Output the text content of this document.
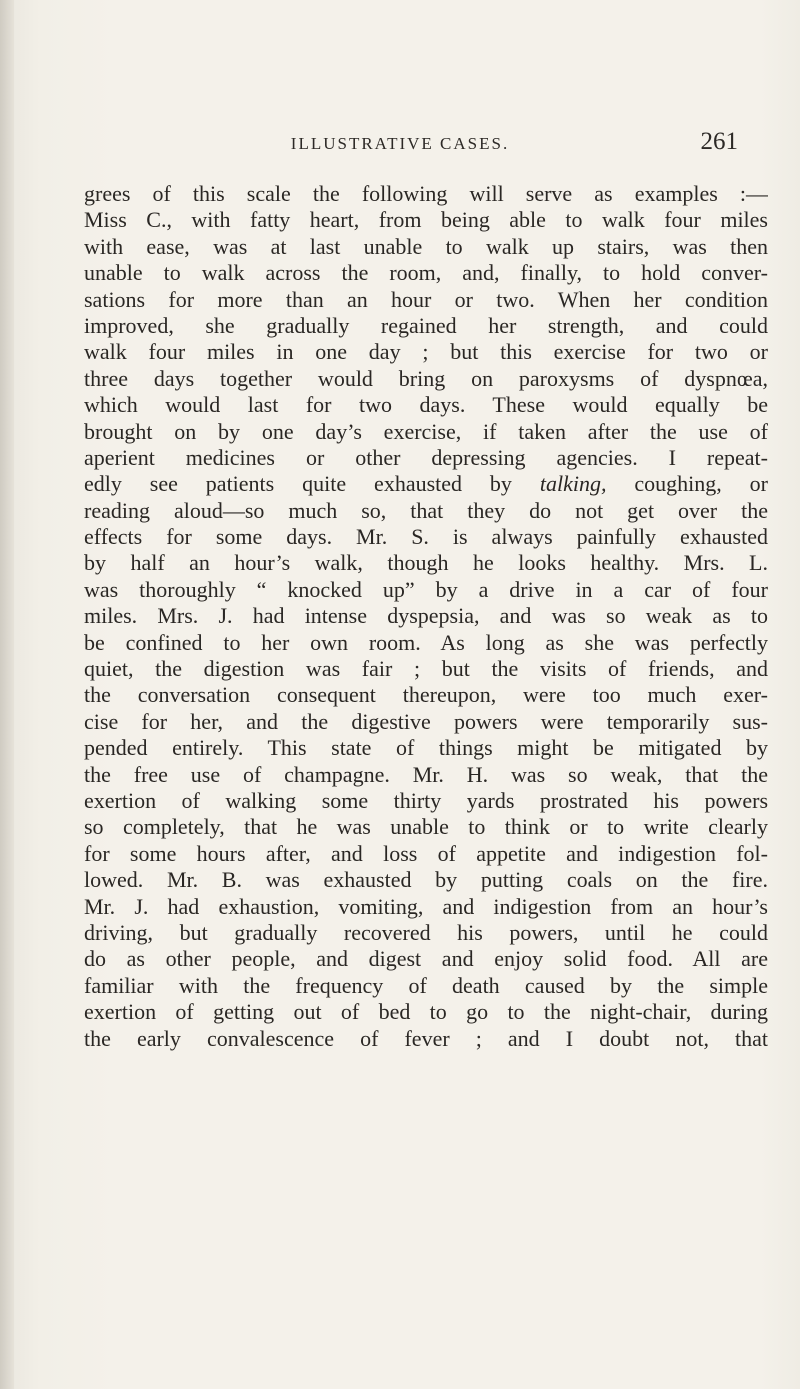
ILLUSTRATIVE CASES.	261
grees of this scale the following will serve as examples :—
Miss C., with fatty heart, from being able to walk four miles
with ease, was at last unable to walk up stairs, was then
unable to walk across the room, and, finally, to hold conver-
sations for more than an hour or two. When her condition
improved, she gradually regained her strength, and could
walk four miles in one day ; but this exercise for two or
three days together would bring on paroxysms of dyspnœa,
which would last for two days. These would equally be
brought on by one day’s exercise, if taken after the use of
aperient medicines or other depressing agencies. I repeat-
edly see patients quite exhausted by talking, coughing, or
reading aloud—so much so, that they do not get over the
effects for some days. Mr. S. is always painfully exhausted
by half an hour’s walk, though he looks healthy. Mrs. L.
was thoroughly “ knocked up” by a drive in a car of four
miles. Mrs. J. had intense dyspepsia, and was so weak as to
be confined to her own room. As long as she was perfectly
quiet, the digestion was fair ; but the visits of friends, and
the conversation consequent thereupon, were too much exer-
cise for her, and the digestive powers were temporarily sus-
pended entirely. This state of things might be mitigated by
the free use of champagne. Mr. H. was so weak, that the
exertion of walking some thirty yards prostrated his powers
so completely, that he was unable to think or to write clearly
for some hours after, and loss of appetite and indigestion fol-
lowed. Mr. B. was exhausted by putting coals on the fire.
Mr. J. had exhaustion, vomiting, and indigestion from an hour’s
driving, but gradually recovered his powers, until he could
do as other people, and digest and enjoy solid food. All are
familiar with the frequency of death caused by the simple
exertion of getting out of bed to go to the night-chair, during
the early convalescence of fever ; and I doubt not, that
